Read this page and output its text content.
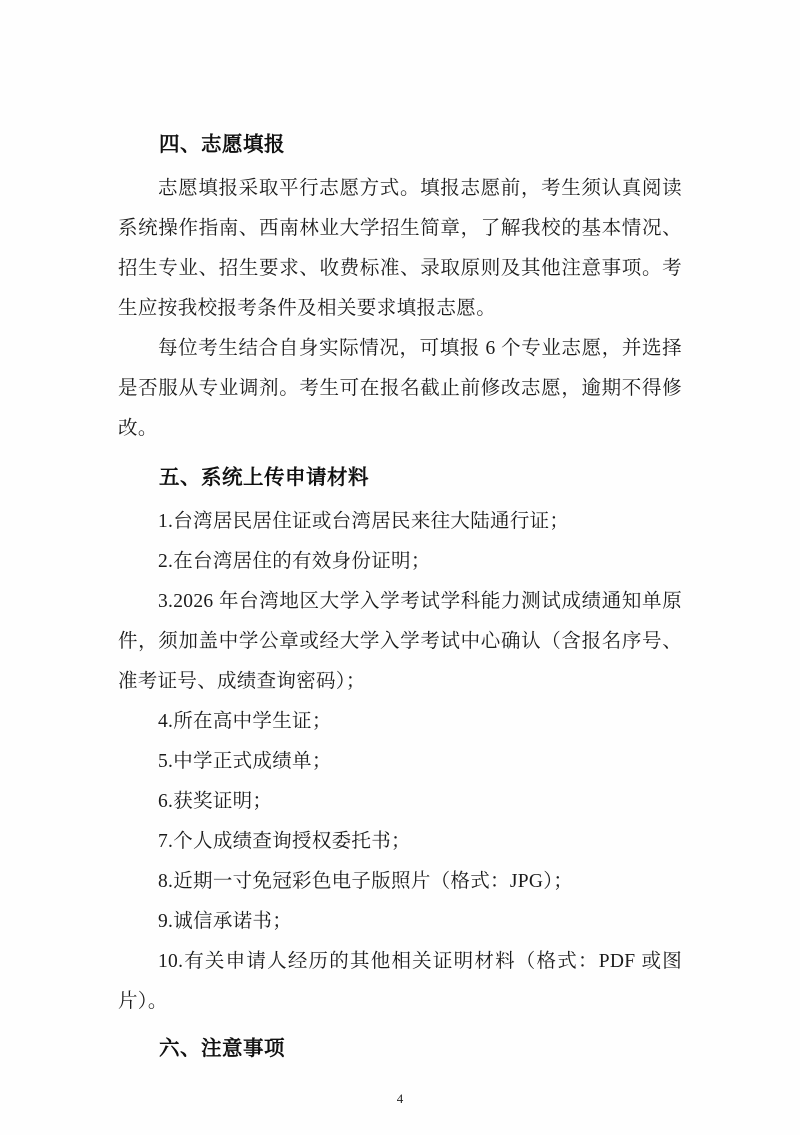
四、志愿填报

志愿填报采取平行志愿方式。填报志愿前，考生须认真阅读系统操作指南、西南林业大学招生简章，了解我校的基本情况、招生专业、招生要求、收费标准、录取原则及其他注意事项。考生应按我校报考条件及相关要求填报志愿。

每位考生结合自身实际情况，可填报 6 个专业志愿，并选择是否服从专业调剂。考生可在报名截止前修改志愿，逾期不得修改。

五、系统上传申请材料

1.台湾居民居住证或台湾居民来往大陆通行证；

2.在台湾居住的有效身份证明；

3.2026 年台湾地区大学入学考试学科能力测试成绩通知单原件，须加盖中学公章或经大学入学考试中心确认（含报名序号、准考证号、成绩查询密码）；

4.所在高中学生证；

5.中学正式成绩单；

6.获奖证明；

7.个人成绩查询授权委托书；

8.近期一寸免冠彩色电子版照片（格式：JPG）；

9.诚信承诺书；

10.有关申请人经历的其他相关证明材料（格式：PDF 或图片）。

六、注意事项
4
